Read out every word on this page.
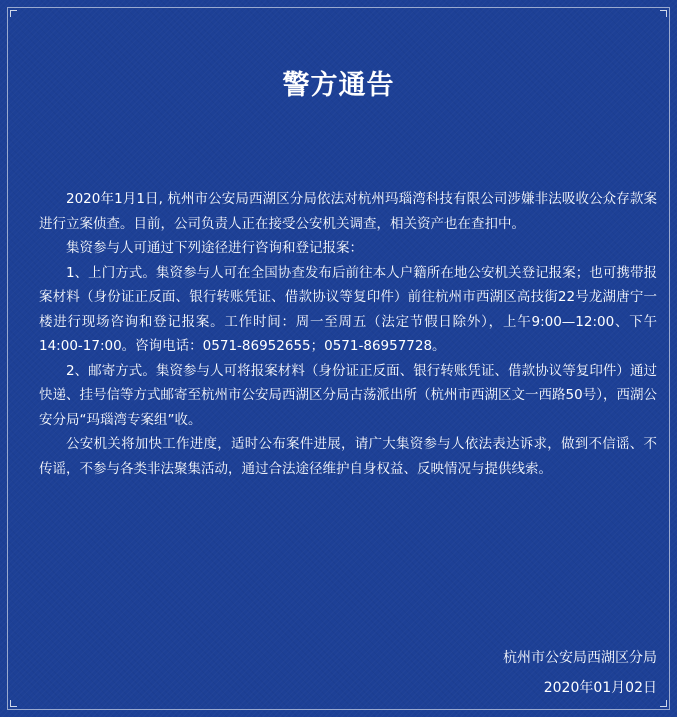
警方通告

2020年1月1日, 杭州市公安局西湖区分局依法对杭州玛瑙湾科技有限公司涉嫌非法吸收公众存款案进行立案侦查。目前，公司负责人正在接受公安机关调查，相关资产也在查扣中。

集资参与人可通过下列途径进行咨询和登记报案：

1、上门方式。集资参与人可在全国协查发布后前往本人户籍所在地公安机关登记报案；也可携带报案材料（身份证正反面、银行转账凭证、借款协议等复印件）前往杭州市西湖区高技街22号龙湖唐宁一楼进行现场咨询和登记报案。工作时间：周一至周五（法定节假日除外），上午9:00—12:00、下午14:00-17:00。咨询电话：0571-86952655；0571-86957728。

2、邮寄方式。集资参与人可将报案材料（身份证正反面、银行转账凭证、借款协议等复印件）通过快递、挂号信等方式邮寄至杭州市公安局西湖区分局古荡派出所（杭州市西湖区文一西路50号），西湖公安分局“玛瑙湾专案组”收。

公安机关将加快工作进度，适时公布案件进展，请广大集资参与人依法表达诉求，做到不信谣、不传谣，不参与各类非法聚集活动，通过合法途径维护自身权益、反映情况与提供线索。

杭州市公安局西湖区分局
2020年01月02日
